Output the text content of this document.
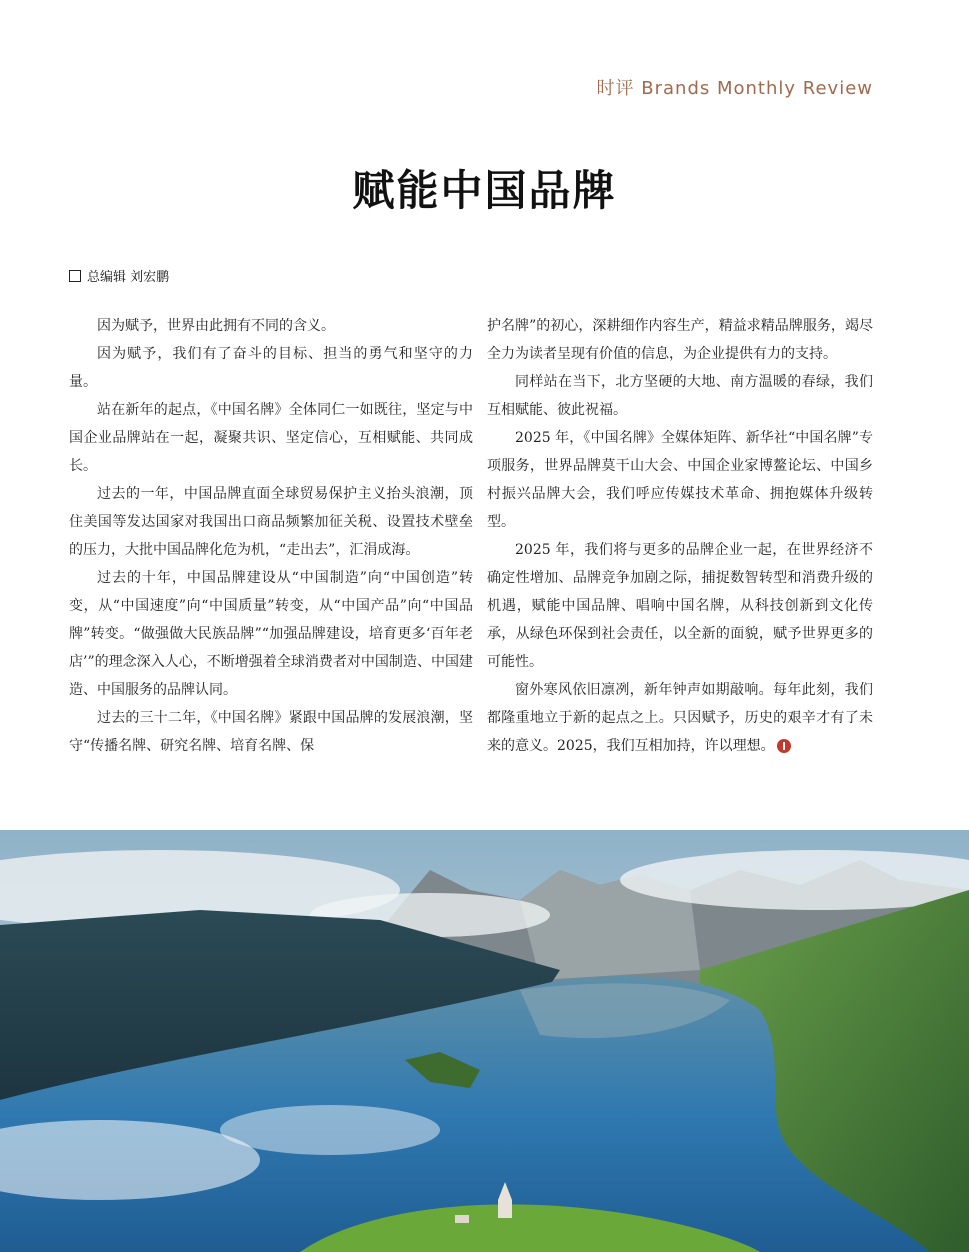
时评 Brands Monthly Review
赋能中国品牌
总编辑 刘宏鹏

因为赋予，世界由此拥有不同的含义。

因为赋予，我们有了奋斗的目标、担当的勇气和坚守的力量。

站在新年的起点，《中国名牌》全体同仁一如既往，坚定与中国企业品牌站在一起，凝聚共识、坚定信心，互相赋能、共同成长。

过去的一年，中国品牌直面全球贸易保护主义抬头浪潮，顶住美国等发达国家对我国出口商品频繁加征关税、设置技术壁垒的压力，大批中国品牌化危为机，“走出去”，汇涓成海。

过去的十年，中国品牌建设从“中国制造”向“中国创造”转变，从“中国速度”向“中国质量”转变，从“中国产品”向“中国品牌”转变。“做强做大民族品牌”“加强品牌建设，培育更多‘百年老店’”的理念深入人心，不断增强着全球消费者对中国制造、中国建造、中国服务的品牌认同。

过去的三十二年，《中国名牌》紧跟中国品牌的发展浪潮，坚守“传播名牌、研究名牌、培育名牌、保

护名牌”的初心，深耕细作内容生产，精益求精品牌服务，竭尽全力为读者呈现有价值的信息，为企业提供有力的支持。

同样站在当下，北方坚硬的大地、南方温暖的春绿，我们互相赋能、彼此祝福。

2025 年，《中国名牌》全媒体矩阵、新华社“中国名牌”专项服务，世界品牌莫干山大会、中国企业家博鳌论坛、中国乡村振兴品牌大会，我们呼应传媒技术革命、拥抱媒体升级转型。

2025 年，我们将与更多的品牌企业一起，在世界经济不确定性增加、品牌竞争加剧之际，捕捉数智转型和消费升级的机遇，赋能中国品牌、唱响中国名牌，从科技创新到文化传承，从绿色环保到社会责任，以全新的面貌，赋予世界更多的可能性。

窗外寒风依旧凛冽，新年钟声如期敲响。每年此刻，我们都隆重地立于新的起点之上。只因赋予，历史的艰辛才有了未来的意义。2025，我们互相加持，许以理想。
